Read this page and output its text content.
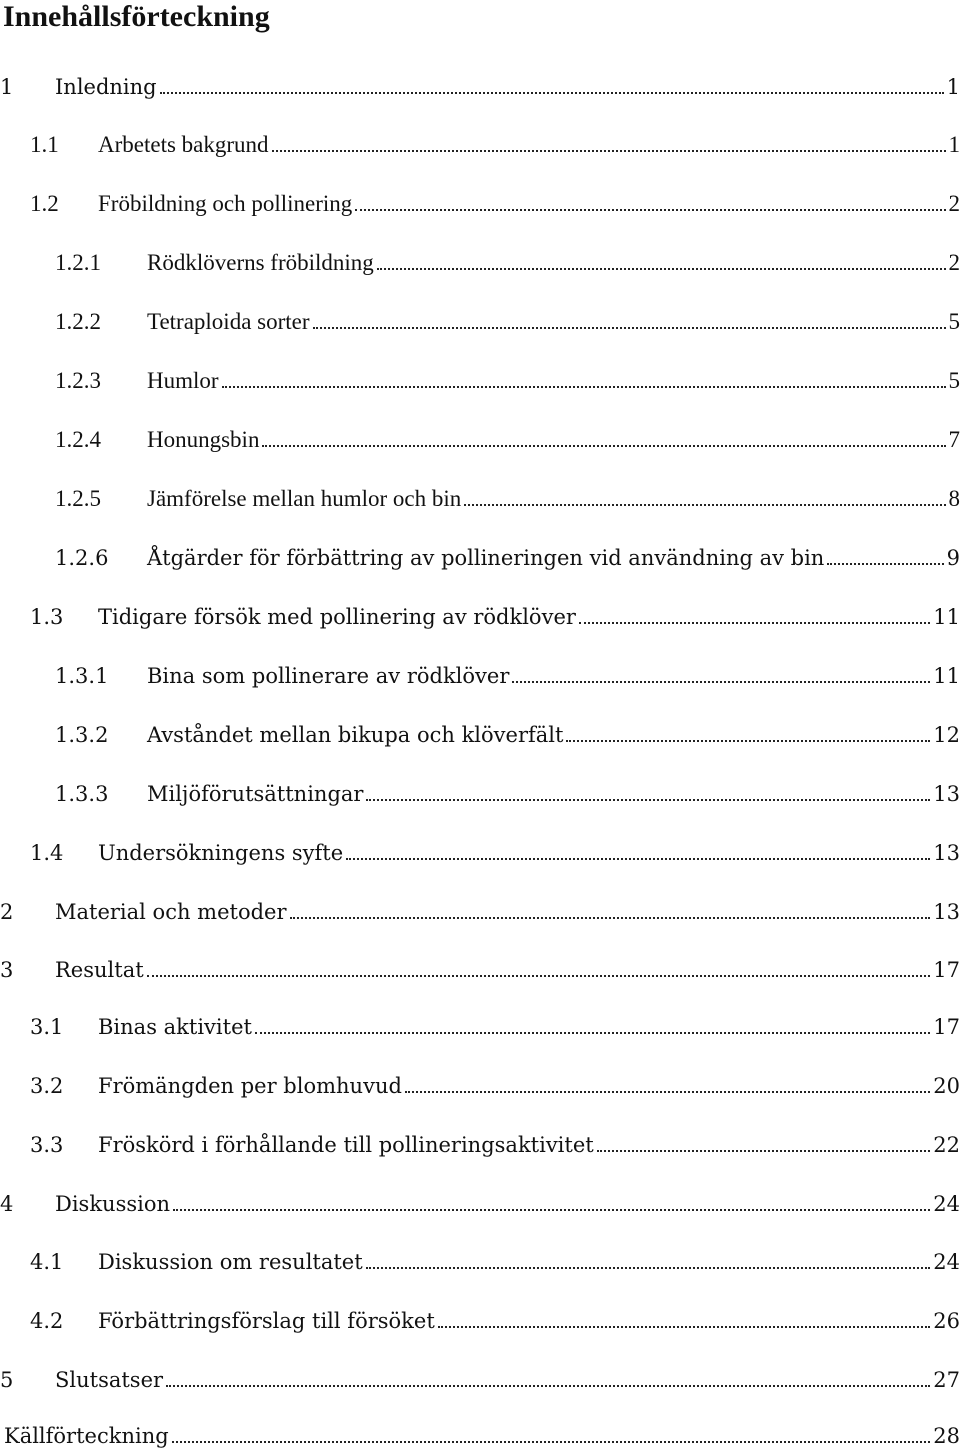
Innehållsförteckning
1	Inledning	1
1.1	Arbetets bakgrund	1
1.2	Fröbildning och pollinering	2
1.2.1	Rödklöverns fröbildning	2
1.2.2	Tetraploida sorter	5
1.2.3	Humlor	5
1.2.4	Honungsbin	7
1.2.5	Jämförelse mellan humlor och bin	8
1.2.6	Åtgärder för förbättring av pollineringen vid användning av bin	9
1.3	Tidigare försök med pollinering av rödklöver	11
1.3.1	Bina som pollinerare av rödklöver	11
1.3.2	Avståndet mellan bikupa och klöverfält	12
1.3.3	Miljöförutsättningar	13
1.4	Undersökningens syfte	13
2	Material och metoder	13
3	Resultat	17
3.1	Binas aktivitet	17
3.2	Frömängden per blomhuvud	20
3.3	Fröskörd i förhållande till pollineringsaktivitet	22
4	Diskussion	24
4.1	Diskussion om resultatet	24
4.2	Förbättringsförslag till försöket	26
5	Slutsatser	27
Källförteckning	28
